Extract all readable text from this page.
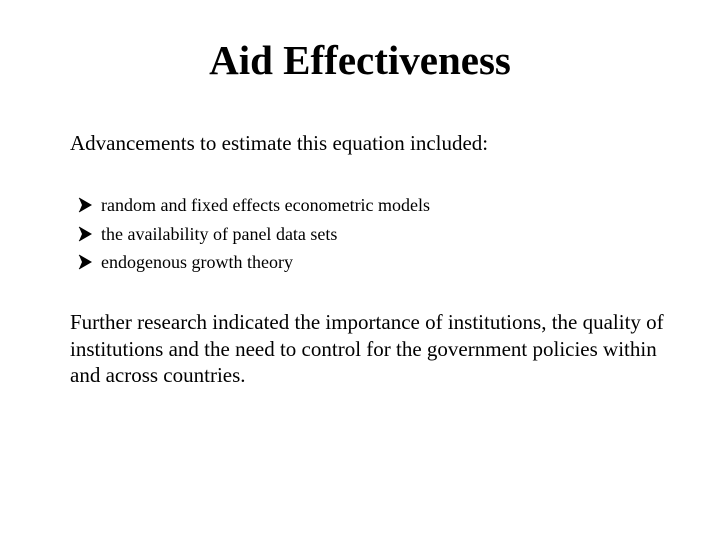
Aid Effectiveness

Advancements to estimate this equation included:

random and fixed effects econometric models
the availability of panel data sets
endogenous growth theory

Further research indicated the importance of institutions, the quality of institutions and the need to control for the government policies within and across countries.
